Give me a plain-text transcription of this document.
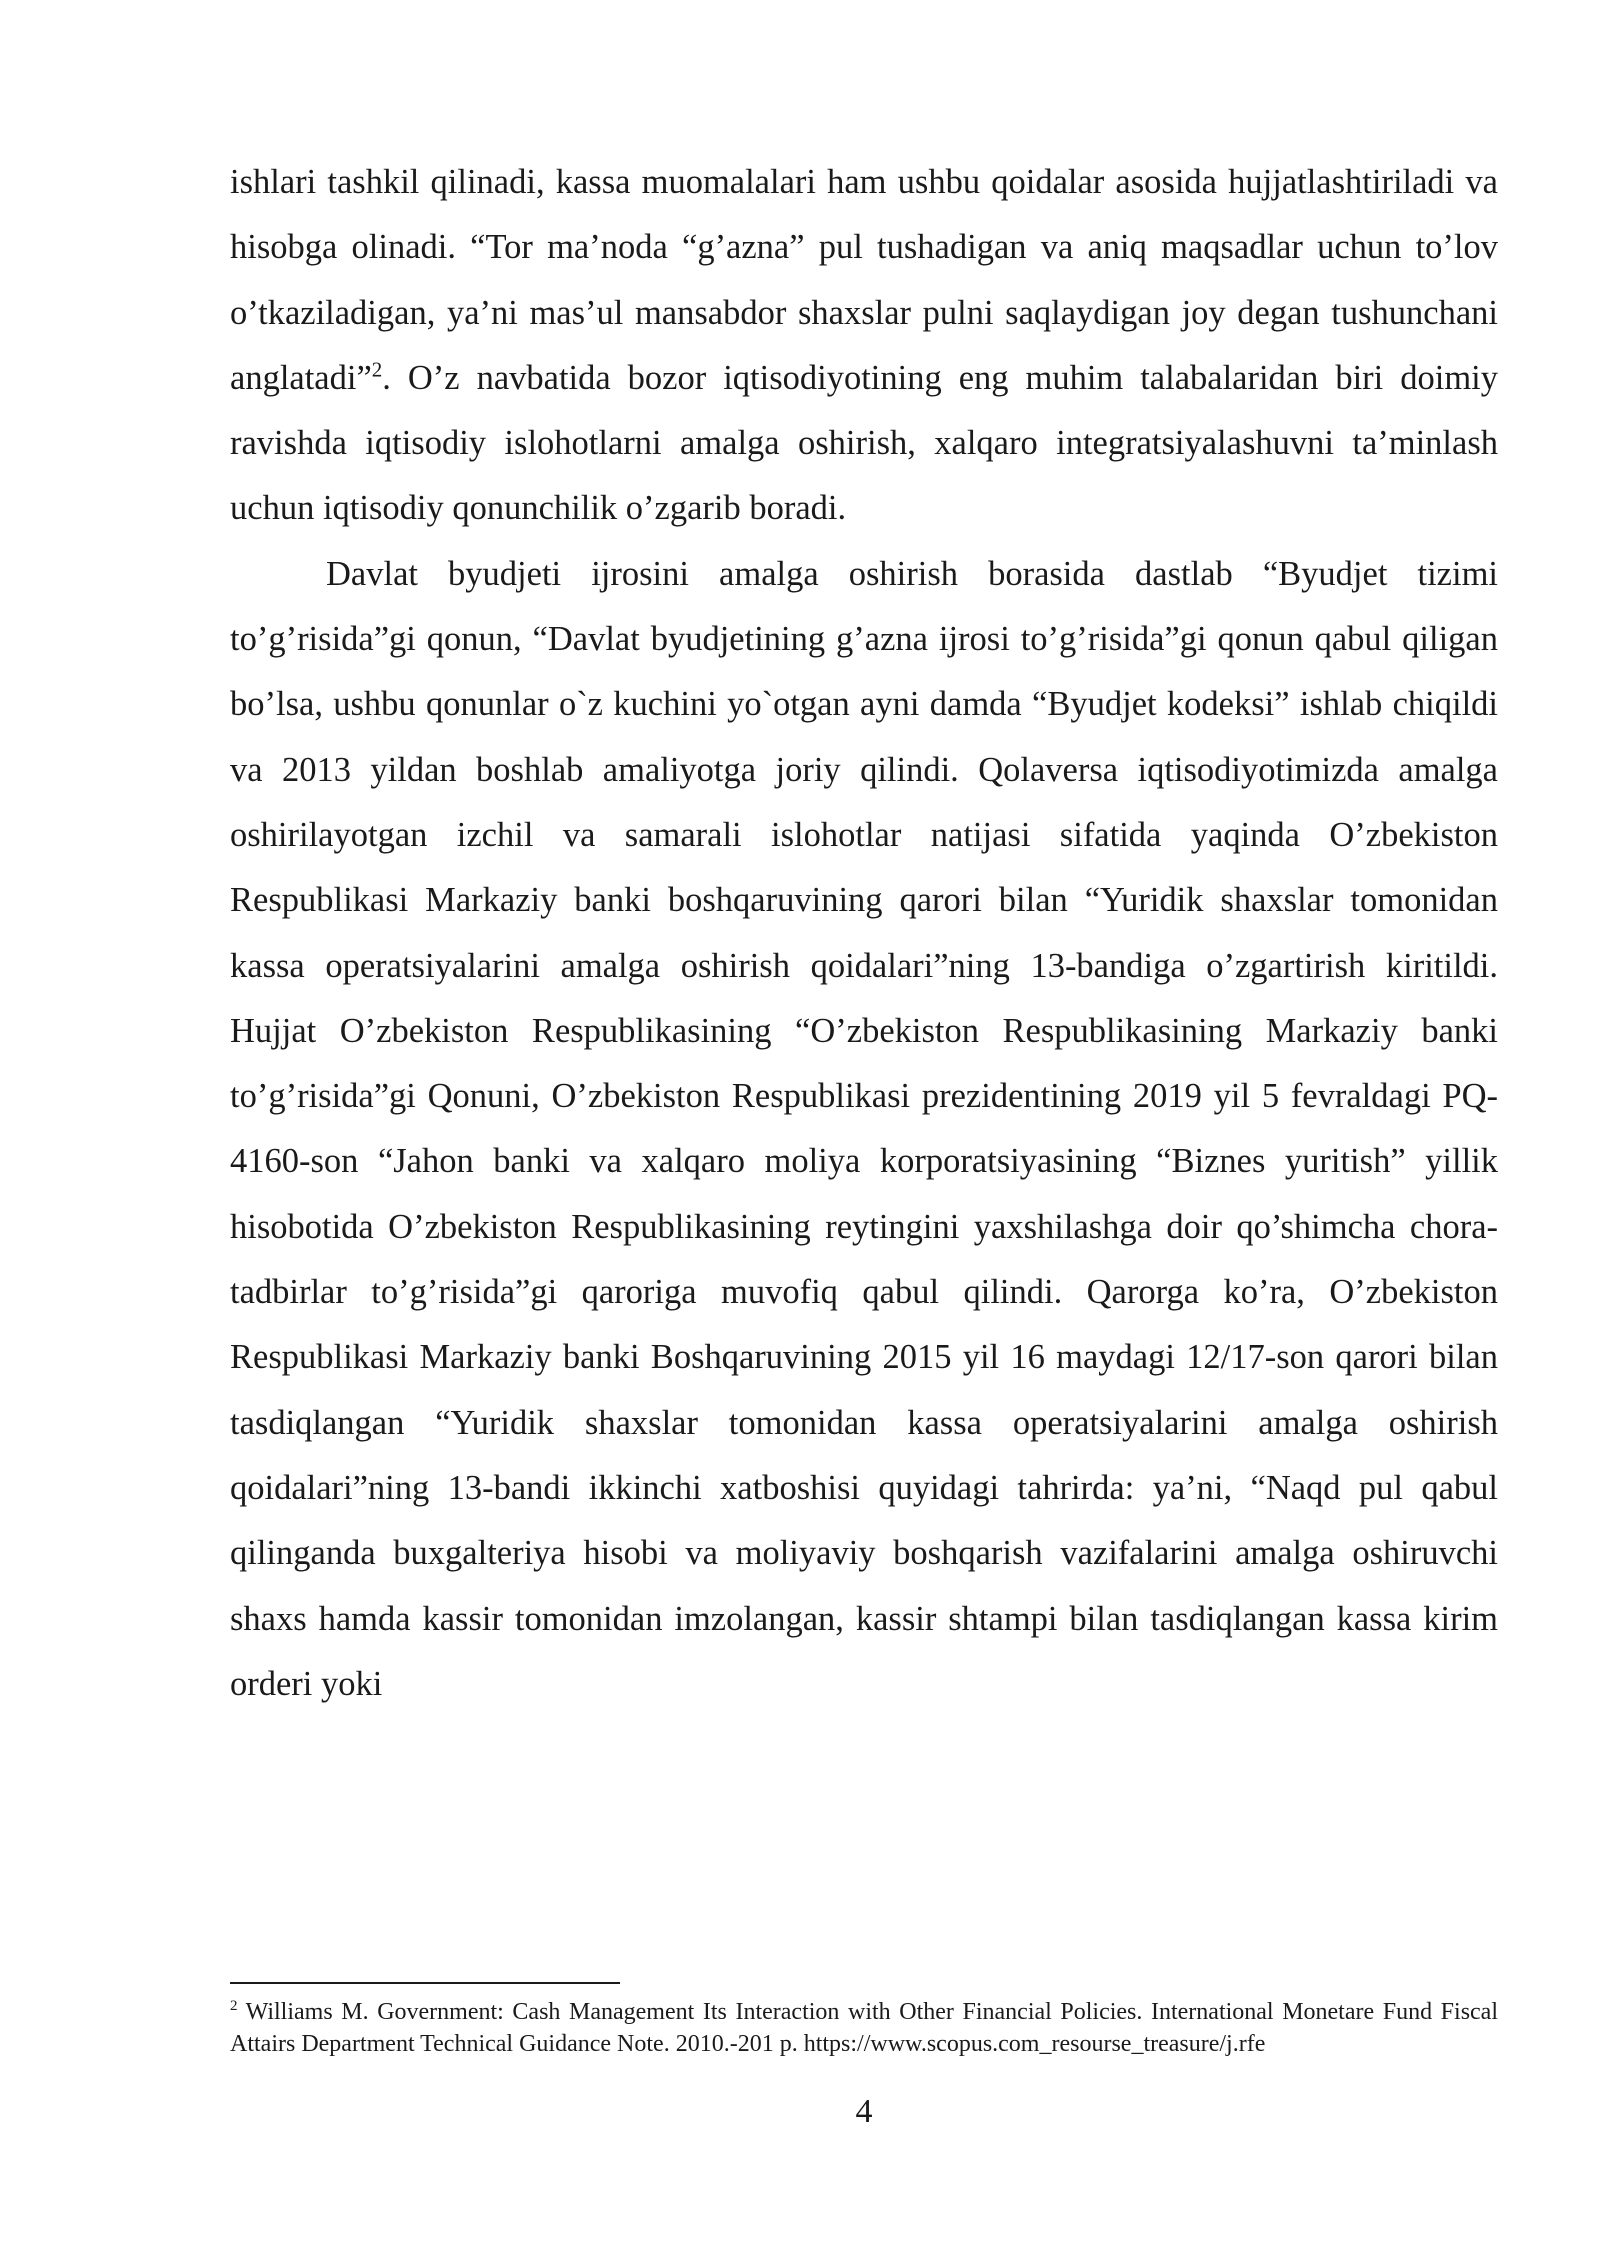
ishlari tashkil qilinadi, kassa muomalalari ham ushbu qoidalar asosida hujjatlashtiriladi va hisobga olinadi. “Tor ma’noda “g’azna” pul tushadigan va aniq maqsadlar uchun to’lov o’tkaziladigan, ya’ni mas’ul mansabdor shaxslar pulni saqlaydigan joy degan tushunchani anglatadi”$^2$. O’z navbatida bozor iqtisodiyotining eng muhim talabalaridan biri doimiy ravishda iqtisodiy islohotlarni amalga oshirish, xalqaro integratsiyalashuvni ta’minlash uchun iqtisodiy qonunchilik o’zgarib boradi.

Davlat byudjeti ijrosini amalga oshirish borasida dastlab “Byudjet tizimi to’g’risida”gi qonun, “Davlat byudjetining g’azna ijrosi to’g’risida”gi qonun qabul qiligan bo’lsa, ushbu qonunlar o`z kuchini yo`otgan ayni damda “Byudjet kodeksi” ishlab chiqildi va 2013 yildan boshlab amaliyotga joriy qilindi. Qolaversa iqtisodiyotimizda amalga oshirilayotgan izchil va samarali islohotlar natijasi sifatida yaqinda O’zbekiston Respublikasi Markaziy banki boshqaruvining qarori bilan “Yuridik shaxslar tomonidan kassa operatsiyalarini amalga oshirish qoidalari”ning 13-bandiga o’zgartirish kiritildi. Hujjat O’zbekiston Respublikasining “O’zbekiston Respublikasining Markaziy banki to’g’risida”gi Qonuni, O’zbekiston Respublikasi prezidentining 2019 yil 5 fevraldagi PQ-4160-son “Jahon banki va xalqaro moliya korporatsiyasining “Biznes yuritish” yillik hisobotida O’zbekiston Respublikasining reytingini yaxshilashga doir qo’shimcha chora-tadbirlar to’g’risida”gi qaroriga muvofiq qabul qilindi. Qarorga ko’ra, O’zbekiston Respublikasi Markaziy banki Boshqaruvining 2015 yil 16 maydagi 12/17-son qarori bilan tasdiqlangan “Yuridik shaxslar tomonidan kassa operatsiyalarini amalga oshirish qoidalari”ning 13-bandi ikkinchi xatboshisi quyidagi tahrirda: ya’ni, “Naqd pul qabul qilinganda buxgalteriya hisobi va moliyaviy boshqarish vazifalarini amalga oshiruvchi shaxs hamda kassir tomonidan imzolangan, kassir shtampi bilan tasdiqlangan kassa kirim orderi yoki

$^2$ Williams M. Government: Cash Management Its Interaction with Other Financial Policies. International Monetare Fund Fiscal Attairs Department Technical Guidance Note. 2010.-201 p. https://www.scopus.com_resourse_treasure/j.rfe

4
